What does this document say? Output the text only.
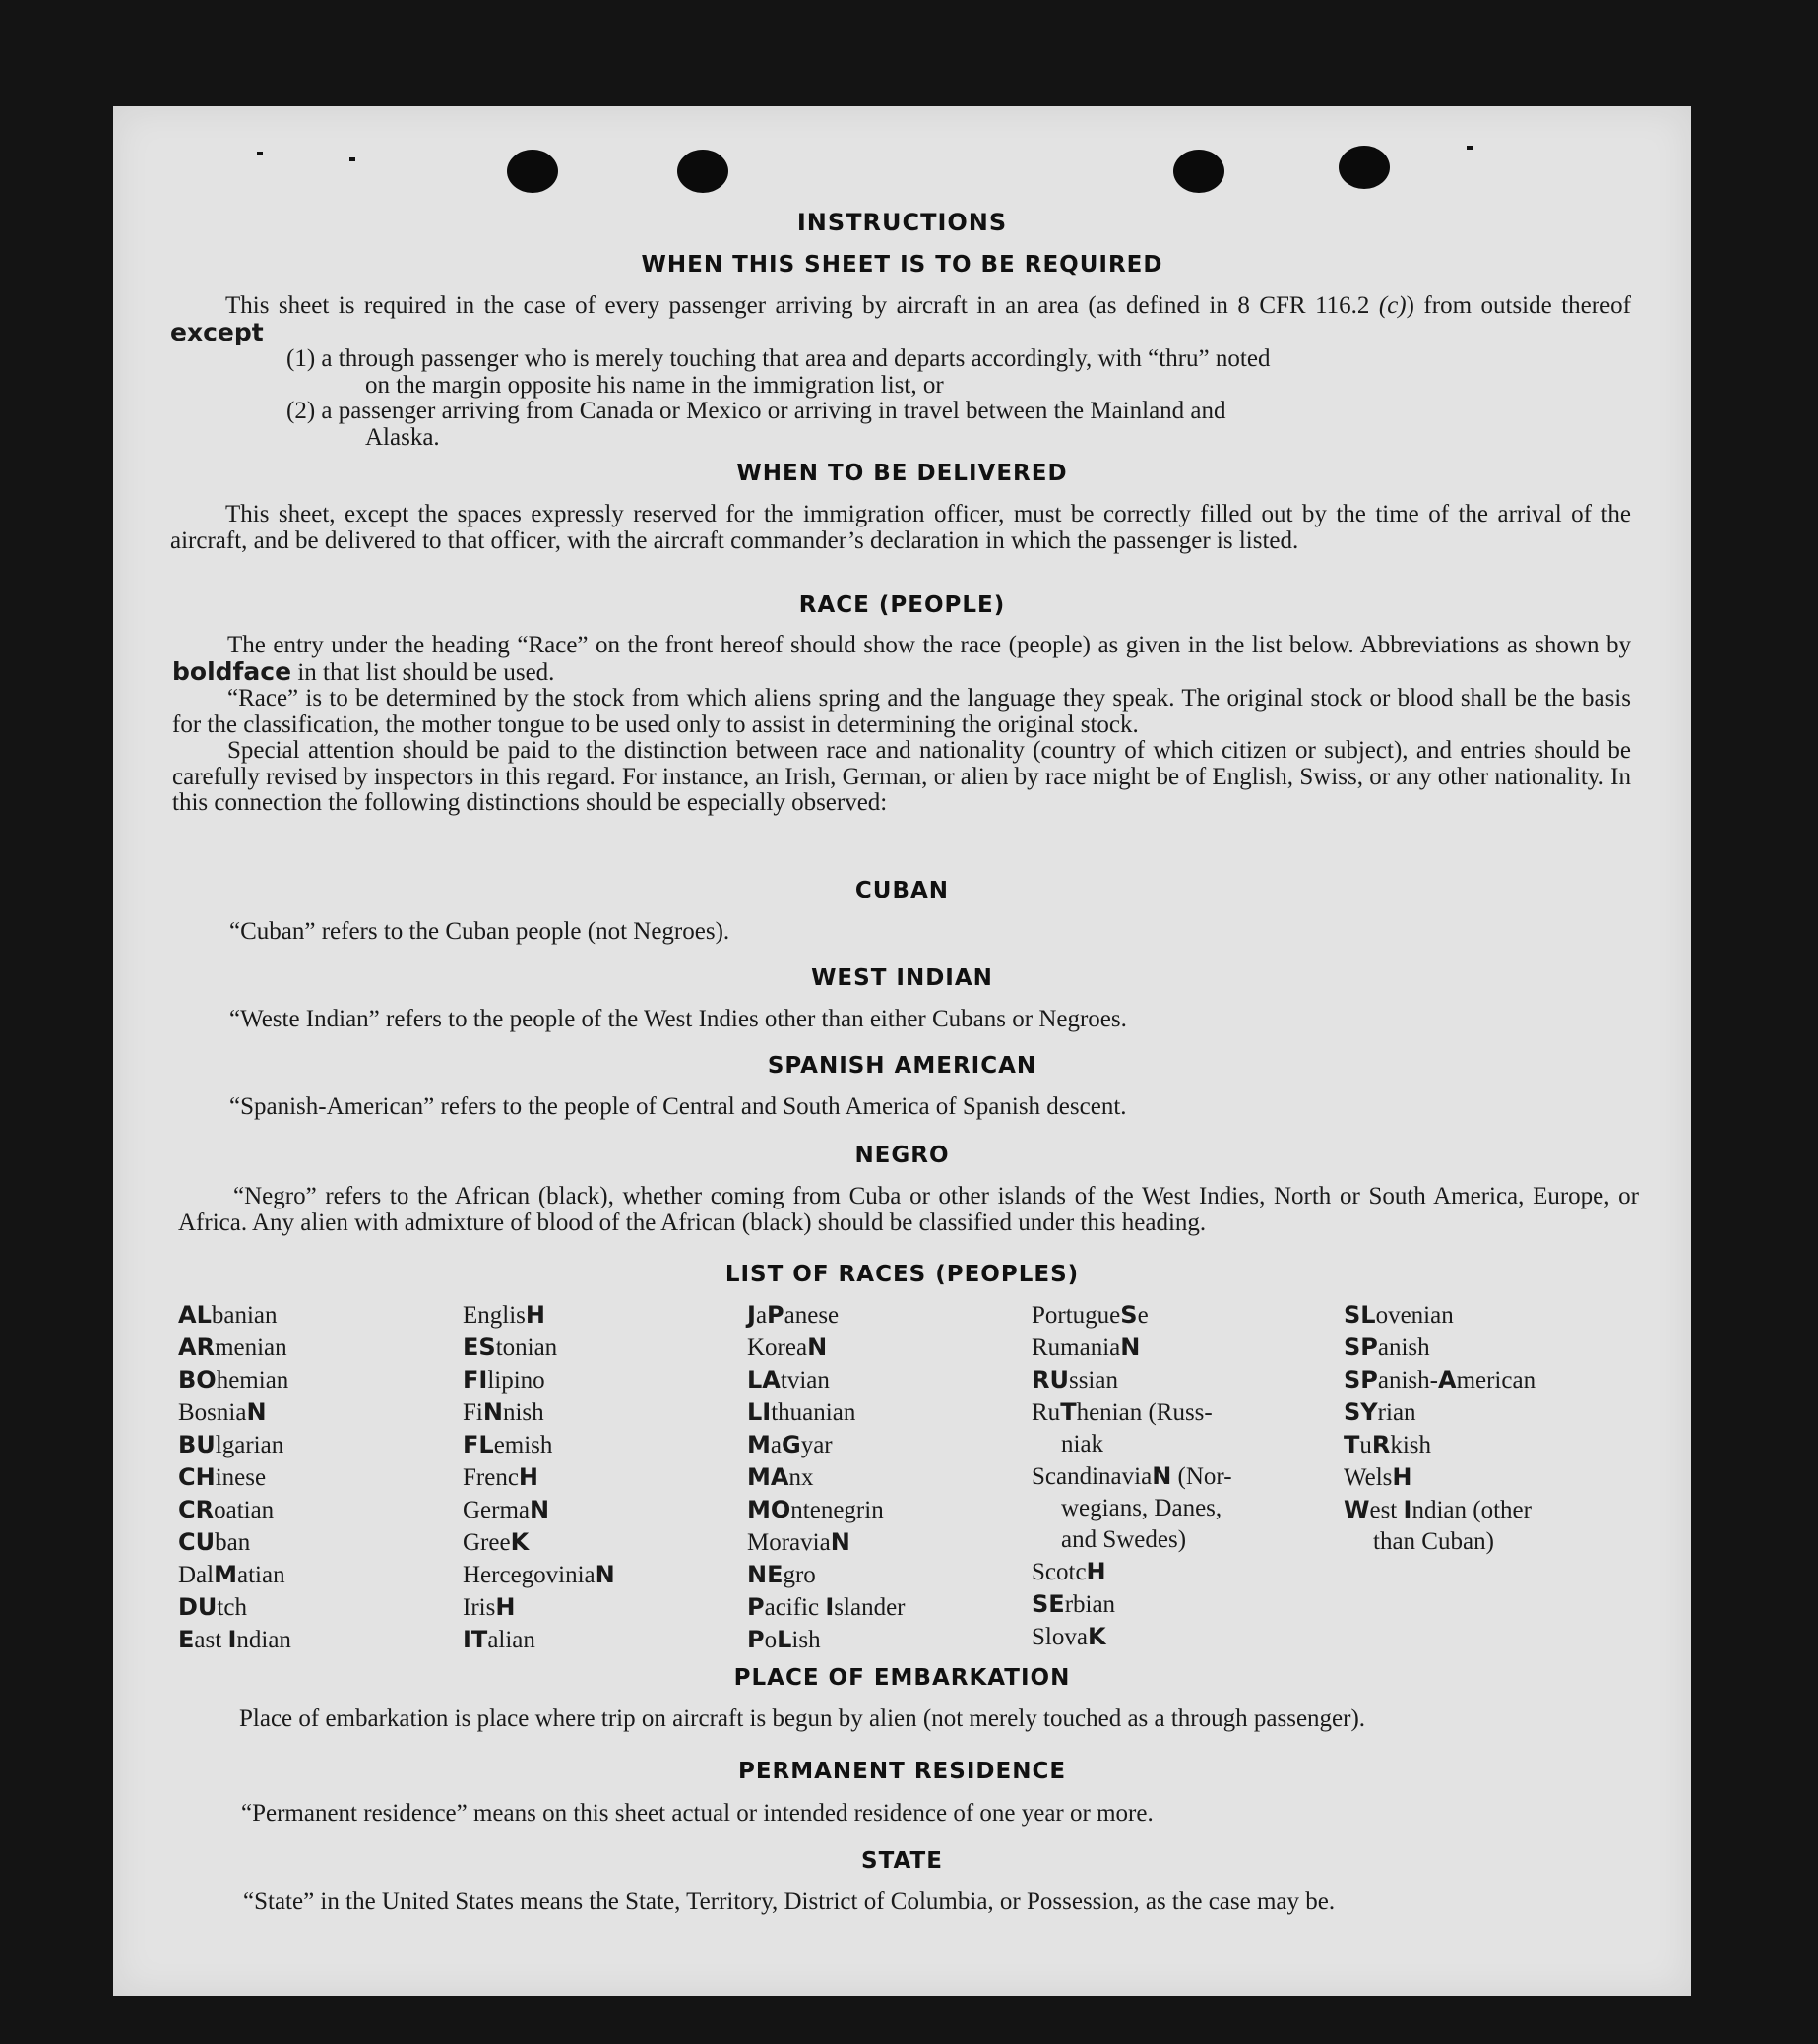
INSTRUCTIONS
WHEN THIS SHEET IS TO BE REQUIRED

This sheet is required in the case of every passenger arriving by aircraft in an area (as defined in 8 CFR 116.2 (c)) from outside thereof except

(1) a through passenger who is merely touching that area and departs accordingly, with “thru” noted

on the margin opposite his name in the immigration list, or

(2) a passenger arriving from Canada or Mexico or arriving in travel between the Mainland and

Alaska.

WHEN TO BE DELIVERED

This sheet, except the spaces expressly reserved for the immigration officer, must be correctly filled out by the time of the arrival of the aircraft, and be delivered to that officer, with the aircraft commander’s declaration in which the passenger is listed.

RACE (PEOPLE)

The entry under the heading “Race” on the front hereof should show the race (people) as given in the list below. Abbreviations as shown by boldface in that list should be used.

“Race” is to be determined by the stock from which aliens spring and the language they speak. The original stock or blood shall be the basis for the classification, the mother tongue to be used only to assist in determining the original stock.

Special attention should be paid to the distinction between race and nationality (country of which citizen or subject), and entries should be carefully revised by inspectors in this regard. For instance, an Irish, German, or alien by race might be of English, Swiss, or any other nationality. In this connection the following distinctions should be especially observed:

CUBAN
“Cuban” refers to the Cuban people (not Negroes).
WEST INDIAN
“Weste Indian” refers to the people of the West Indies other than either Cubans or Negroes.
SPANISH AMERICAN
“Spanish-American” refers to the people of Central and South America of Spanish descent.
NEGRO

“Negro” refers to the African (black), whether coming from Cuba or other islands of the West Indies, North or South America, Europe, or Africa. Any alien with admixture of blood of the African (black) should be classified under this heading.

LIST OF RACES (PEOPLES)
ALbanian
ARmenian
BOhemian
BosniaN
BUlgarian
CHinese
CRoatian
CUban
DalMatian
DUtch
East Indian
EnglisH
EStonian
FIlipino
FiNnish
FLemish
FrencH
GermaN
GreeK
HercegoviniaN
IrisH
ITalian
JaPanese
KoreaN
LAtvian
LIthuanian
MaGyar
MAnx
MOntenegrin
MoraviaN
NEgro
Pacific Islander
PoLish
PortugueSe
RumaniaN
RUssian
RuThenian (Russ-
niak
ScandinaviaN (Nor-
wegians, Danes,
and Swedes)
ScotcH
SErbian
SlovaK
SLovenian
SPanish
SPanish-American
SYrian
TuRkish
WelsH
West Indian (other
than Cuban)
PLACE OF EMBARKATION

Place of embarkation is place where trip on aircraft is begun by alien (not merely touched as a through passenger).

PERMANENT RESIDENCE
“Permanent residence” means on this sheet actual or intended residence of one year or more.
STATE

“State” in the United States means the State, Territory, District of Columbia, or Possession, as the case may be.
